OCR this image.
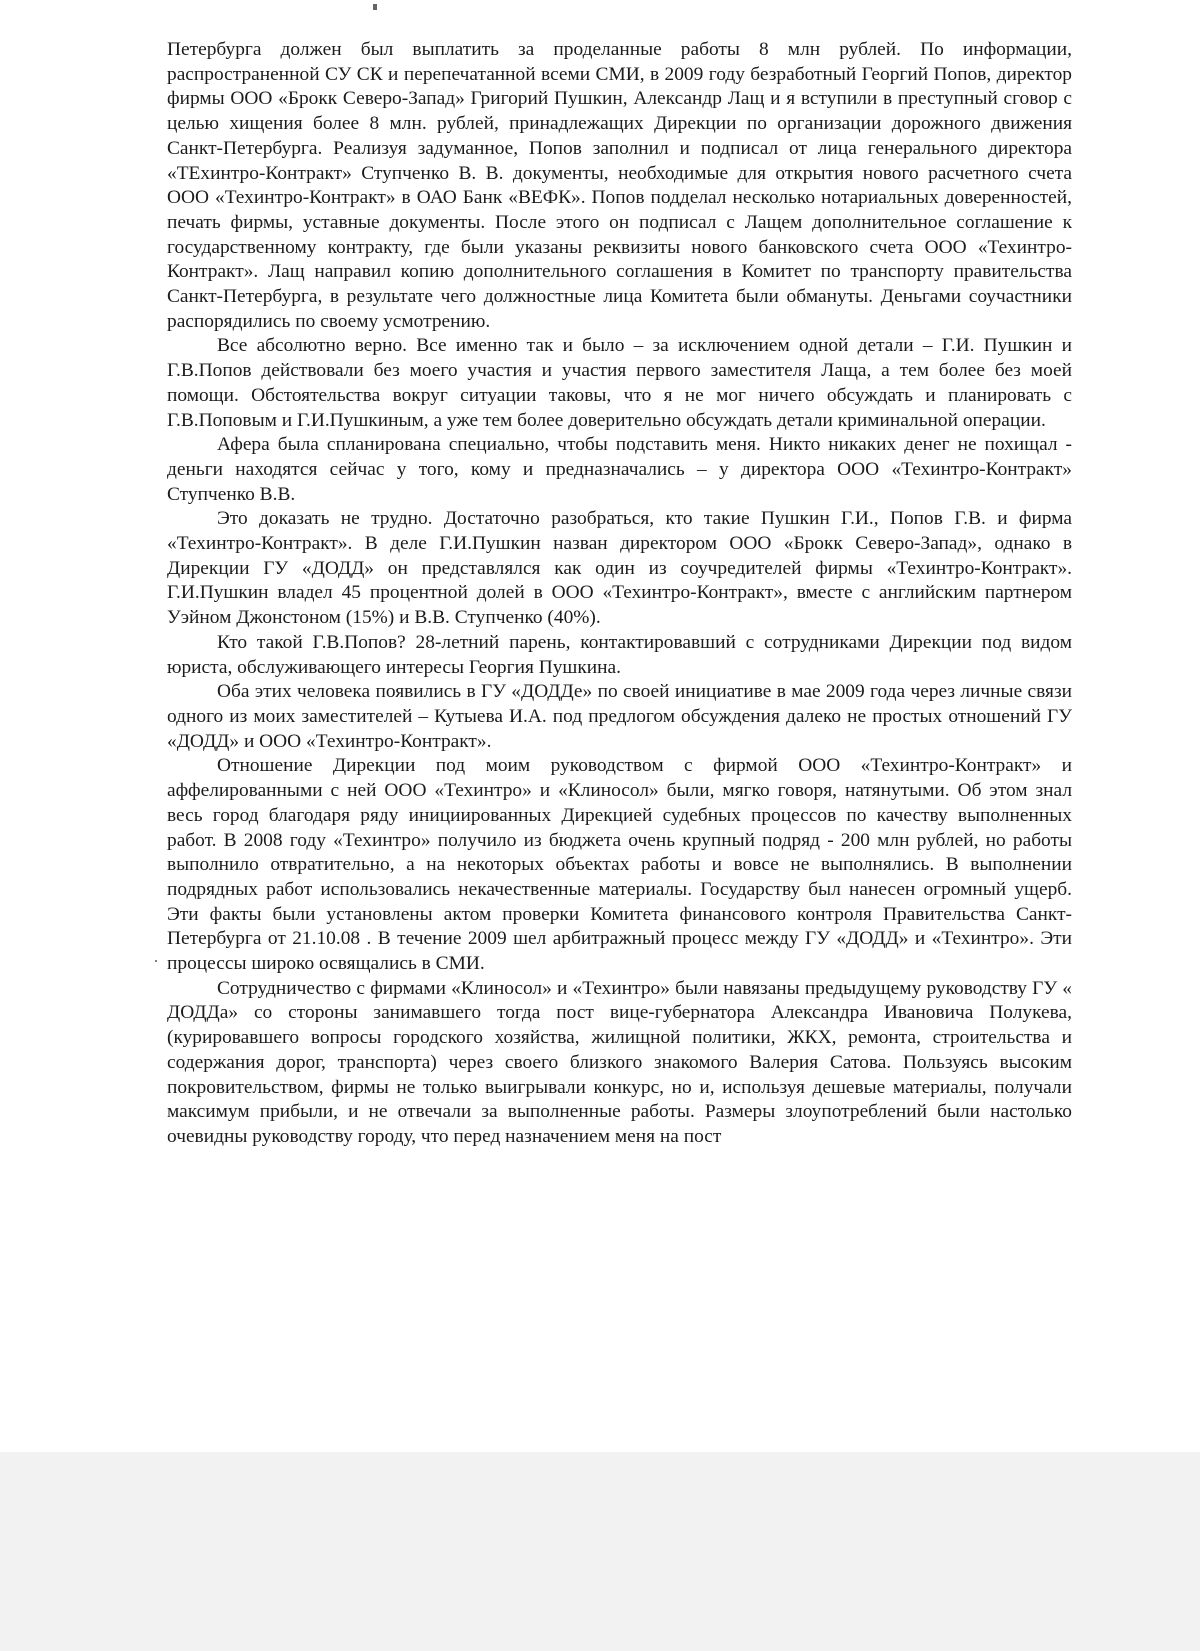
Петербурга должен был выплатить за проделанные работы 8 млн рублей. По информации, распространенной СУ СК и перепечатанной всеми СМИ, в 2009 году безработный Георгий Попов, директор фирмы ООО «Брокк Северо-Запад» Григорий Пушкин, Александр Лащ и я вступили в преступный сговор с целью хищения более 8 млн. рублей, принадлежащих Дирекции по организации дорожного движения Санкт-Петербурга. Реализуя задуманное, Попов заполнил и подписал от лица генерального директора «ТЕхинтро-Контракт» Ступченко В. В. документы, необходимые для открытия нового расчетного счета ООО «Техинтро-Контракт» в ОАО Банк «ВЕФК». Попов подделал несколько нотариальных доверенностей, печать фирмы, уставные документы. После этого он подписал с Лащем дополнительное соглашение к государственному контракту, где были указаны реквизиты нового банковского счета ООО «Техинтро-Контракт». Лащ направил копию дополнительного соглашения в Комитет по транспорту правительства Санкт-Петербурга, в результате чего должностные лица Комитета были обмануты. Деньгами соучастники распорядились по своему усмотрению.

Все абсолютно верно. Все именно так и было – за исключением одной детали – Г.И. Пушкин и Г.В.Попов действовали без моего участия и участия первого заместителя Лаща, а тем более без моей помощи. Обстоятельства вокруг ситуации таковы, что я не мог ничего обсуждать и планировать с Г.В.Поповым и Г.И.Пушкиным, а уже тем более доверительно обсуждать детали криминальной операции.

Афера была спланирована специально, чтобы подставить меня. Никто никаких денег не похищал - деньги находятся сейчас у того, кому и предназначались – у директора ООО «Техинтро-Контракт» Ступченко В.В.

Это доказать не трудно. Достаточно разобраться, кто такие Пушкин Г.И., Попов Г.В. и фирма «Техинтро-Контракт». В деле Г.И.Пушкин назван директором ООО «Брокк Северо-Запад», однако в Дирекции ГУ «ДОДД» он представлялся как один из соучредителей фирмы «Техинтро-Контракт». Г.И.Пушкин владел 45 процентной долей в ООО «Техинтро-Контракт», вместе с английским партнером Уэйном Джонстоном (15%) и В.В. Ступченко (40%).

Кто такой Г.В.Попов? 28-летний парень, контактировавший с сотрудниками Дирекции под видом юриста, обслуживающего интересы Георгия Пушкина.

Оба этих человека появились в ГУ «ДОДДе» по своей инициативе в мае 2009 года через личные связи одного из моих заместителей – Кутыева И.А. под предлогом обсуждения далеко не простых отношений ГУ «ДОДД» и ООО «Техинтро-Контракт».

Отношение Дирекции под моим руководством с фирмой ООО «Техинтро-Контракт» и аффелированными с ней ООО «Техинтро» и «Клиносол» были, мягко говоря, натянутыми. Об этом знал весь город благодаря ряду инициированных Дирекцией судебных процессов по качеству выполненных работ. В 2008 году «Техинтро» получило из бюджета очень крупный подряд - 200 млн рублей, но работы выполнило отвратительно, а на некоторых объектах работы и вовсе не выполнялись. В выполнении подрядных работ использовались некачественные материалы. Государству был нанесен огромный ущерб. Эти факты были установлены актом проверки Комитета финансового контроля Правительства Санкт-Петербурга от 21.10.08 . В течение 2009 шел арбитражный процесс между ГУ «ДОДД» и «Техинтро». Эти процессы широко освящались в СМИ.

Сотрудничество с фирмами «Клиносол» и «Техинтро» были навязаны предыдущему руководству ГУ « ДОДДа» со стороны занимавшего тогда пост вице-губернатора Александра Ивановича Полукева, (курировавшего вопросы городского хозяйства, жилищной политики, ЖКХ, ремонта, строительства и содержания дорог, транспорта) через своего близкого знакомого Валерия Сатова. Пользуясь высоким покровительством, фирмы не только выигрывали конкурс, но и, используя дешевые материалы, получали максимум прибыли, и не отвечали за выполненные работы. Размеры злоупотреблений были настолько очевидны руководству городу, что перед назначением меня на пост
